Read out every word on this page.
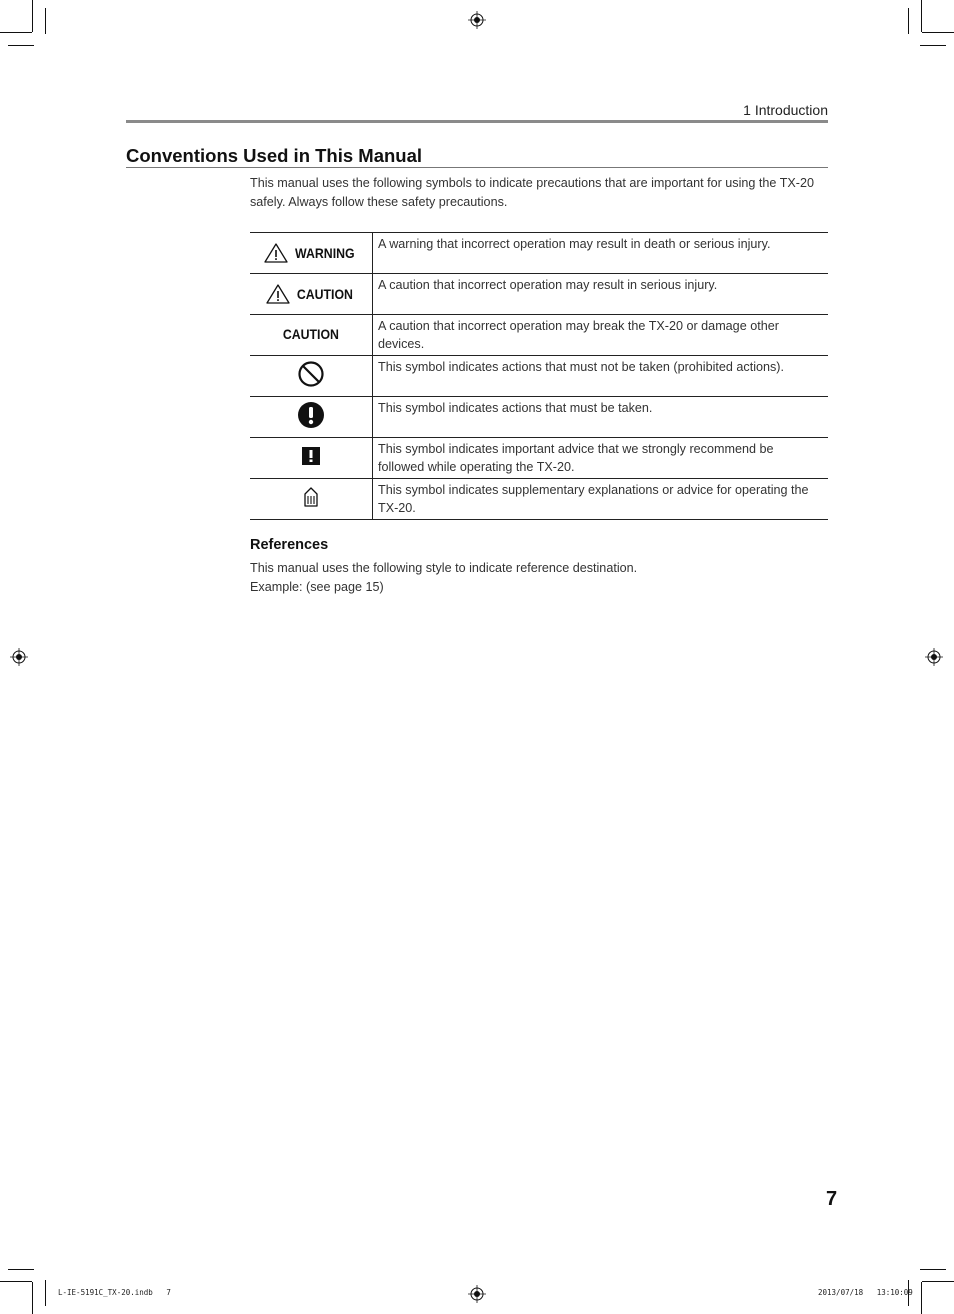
1 Introduction
Conventions Used in This Manual
This manual uses the following symbols to indicate precautions that are important for using the TX-20 safely. Always follow these safety precautions.
WARNING	A warning that incorrect operation may result in death or serious injury.

CAUTION	A caution that incorrect operation may result in serious injury.
CAUTION	A caution that incorrect operation may break the TX-20 or damage other devices.
	This symbol indicates actions that must not be taken (prohibited actions).
	This symbol indicates actions that must be taken.
	This symbol indicates important advice that we strongly recommend be followed while operating the TX-20.
	This symbol indicates supplementary explanations or advice for operating the TX-20.
References
This manual uses the following style to indicate reference destination.
Example: (see page 15)
7
L-IE-5191C_TX-20.indb   7	2013/07/18   13:10:09
